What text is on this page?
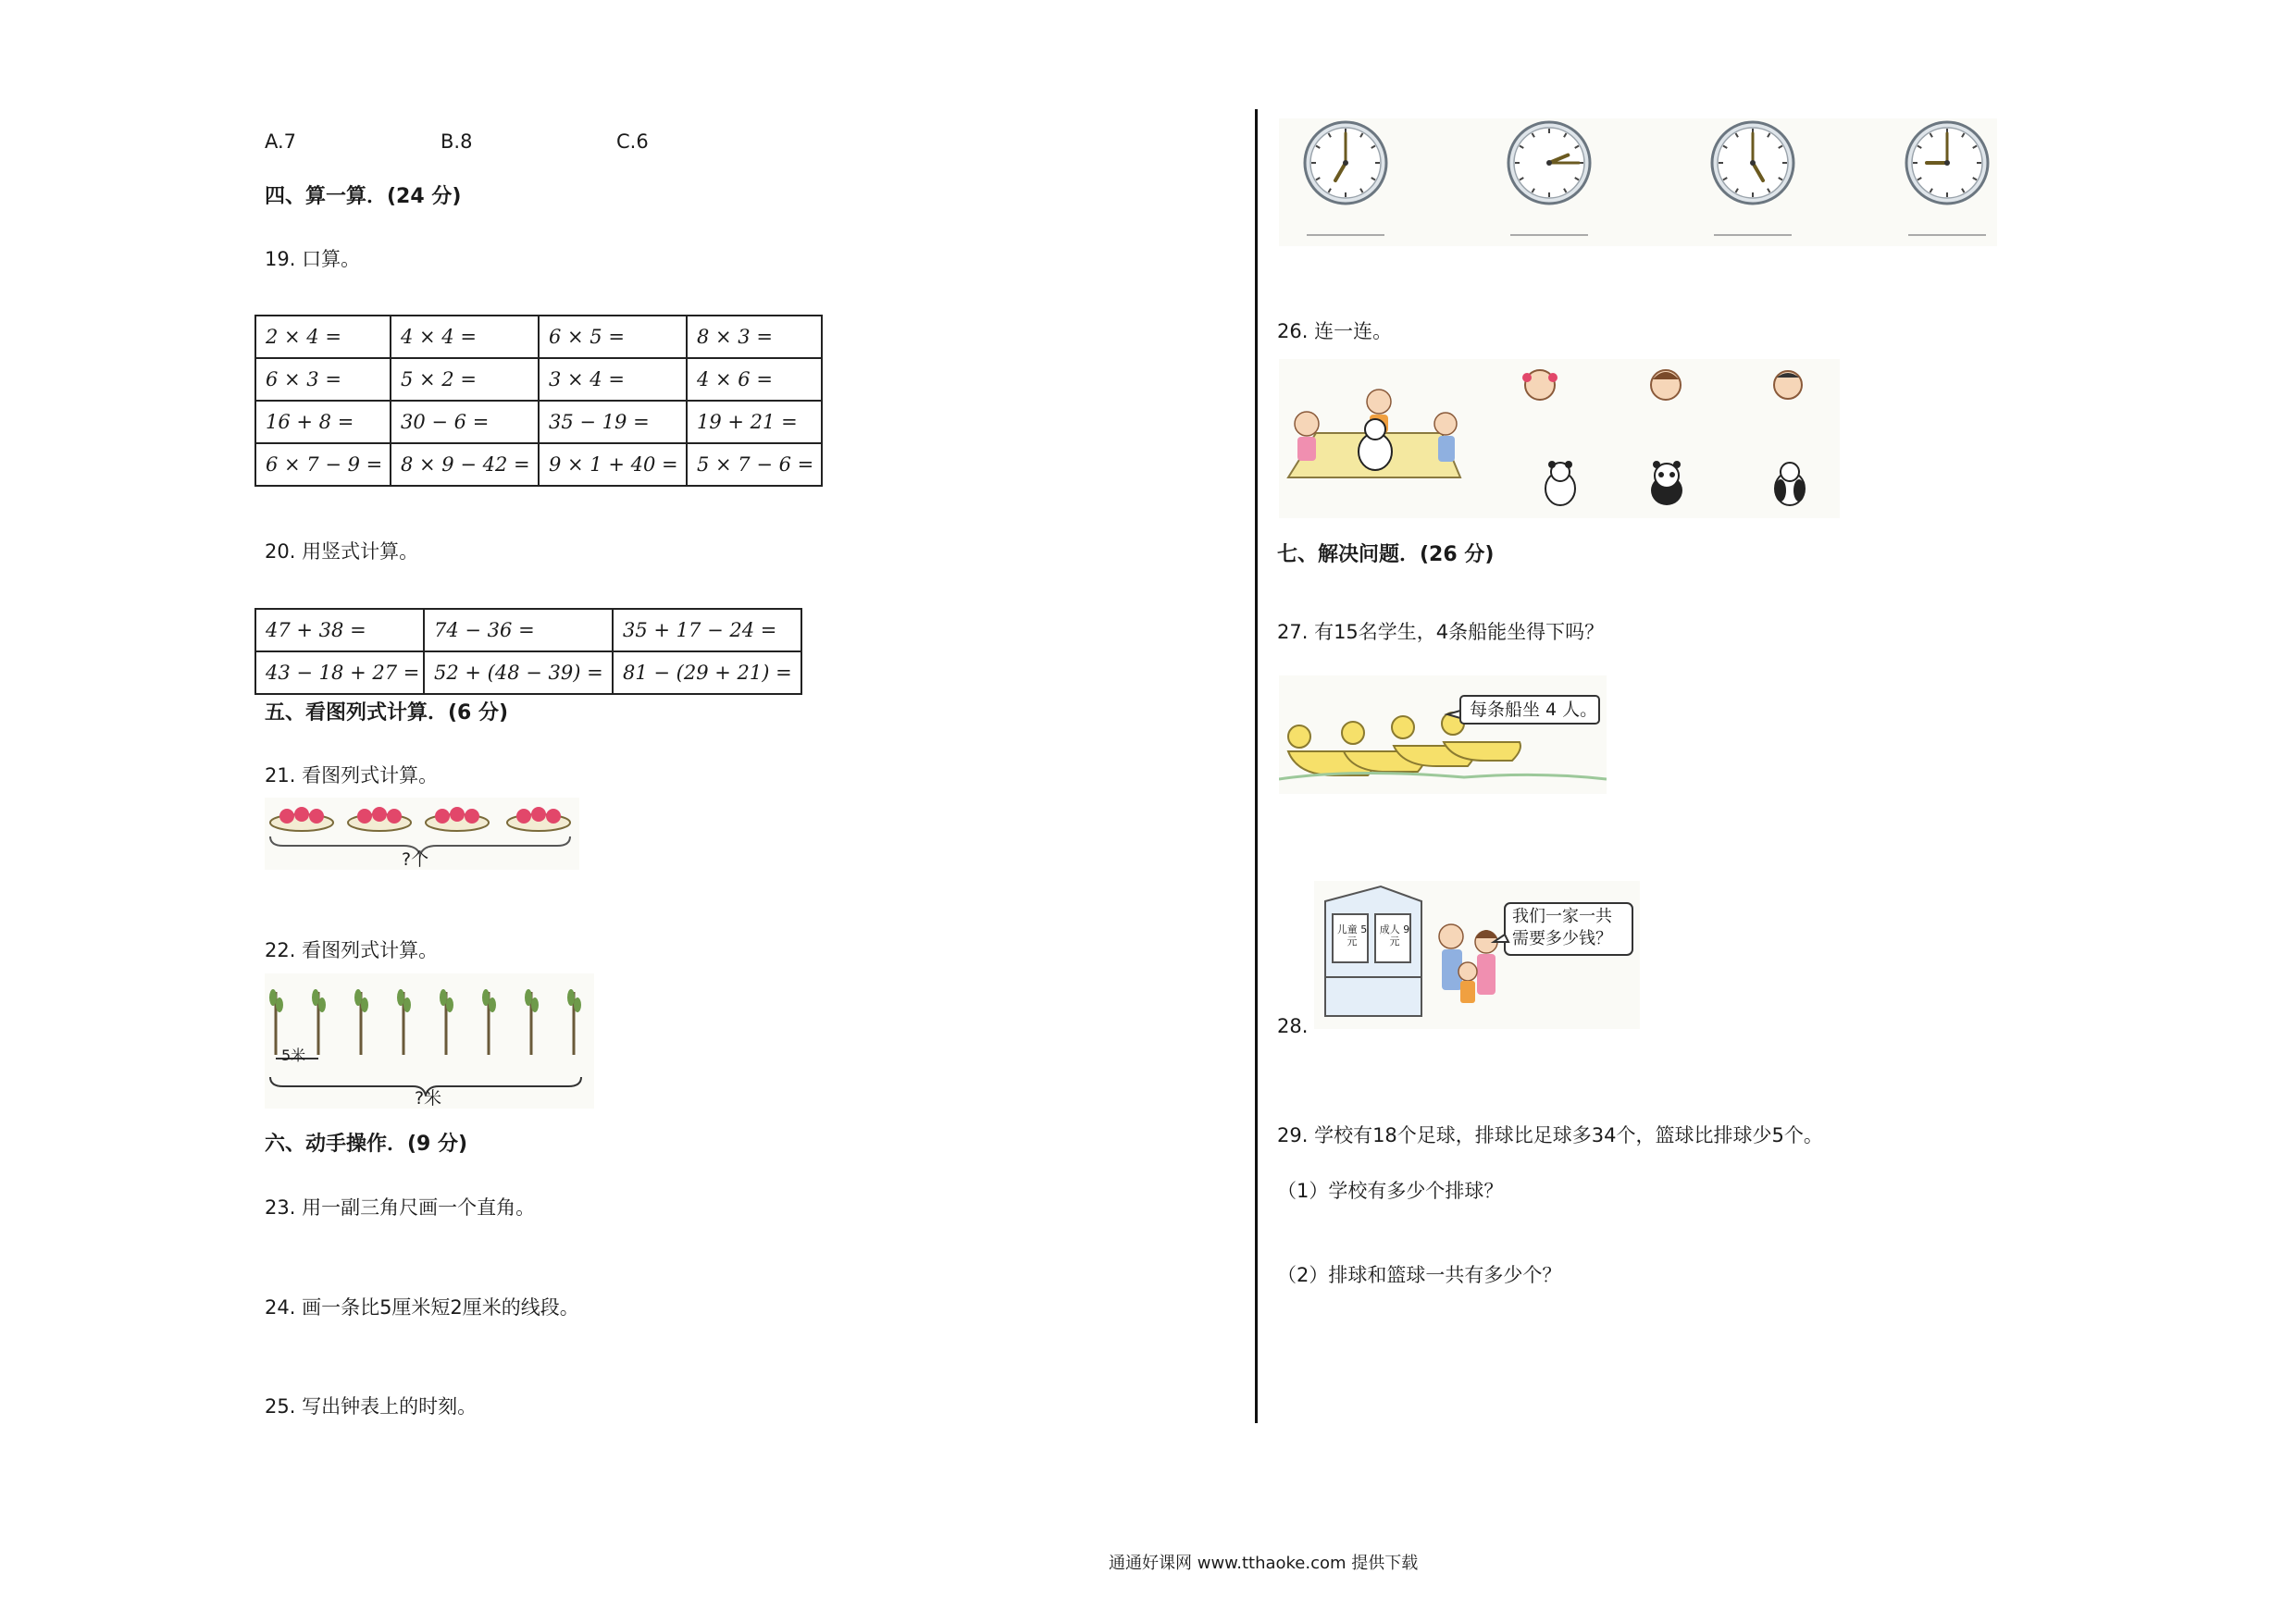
A.7	B.8	C.6
四、算一算．(24 分)
19. 口算。
2 × 4 =	4 × 4 =	6 × 5 =	8 × 3 =
6 × 3 =	5 × 2 =	3 × 4 =	4 × 6 =
16 + 8 =	30 − 6 =	35 − 19 =	19 + 21 =
6 × 7 − 9 =	8 × 9 − 42 =	9 × 1 + 40 =	5 × 7 − 6 =
20. 用竖式计算。
47 + 38 =	74 − 36 =	35 + 17 − 24 =
43 − 18 + 27 =	52 + (48 − 39) =	81 − (29 + 21) =
五、看图列式计算．(6 分)
21. 看图列式计算。
?个
22. 看图列式计算。
5米
?米
六、动手操作．(9 分)
23. 用一副三角尺画一个直角。
24. 画一条比5厘米短2厘米的线段。
25. 写出钟表上的时刻。
26. 连一连。
七、解决问题．(26 分)
27. 有15名学生，4条船能坐得下吗？
每条船坐 4 人。
28.
儿童 5元
成人 9元
我们一家一共
需要多少钱？
29. 学校有18个足球，排球比足球多34个，篮球比排球少5个。
（1）学校有多少个排球？
（2）排球和篮球一共有多少个？
通通好课网 www.tthaoke.com 提供下载
